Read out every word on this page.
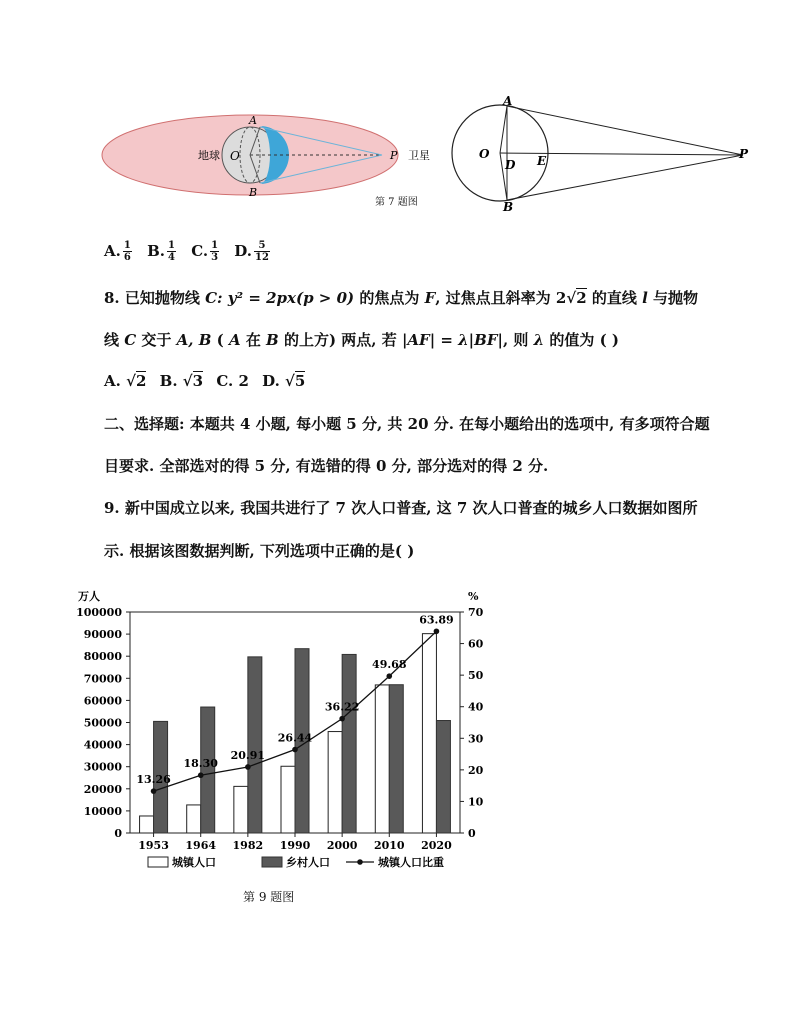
地球 O
A
B
P 卫星
第 7 题图
A
B
O
D E	P
A. $\frac{1}{6} B$. $\frac{1}{4} C$. $\frac{1}{3} D$. $\frac{5}{12}$
8. 已知抛物线 C: y² = 2px(p > 0) 的焦点为 F, 过焦点且斜率为 2√2 的直线 l 与抛物
线 C 交于 A, B ( A 在 B 的上方) 两点, 若 |AF| = λ|BF|, 则 λ 的值为 ( )
A. √2 B. √3 C. 2 D. √5
二、选择题: 本题共 4 小题, 每小题 5 分, 共 20 分. 在每小题给出的选项中, 有多项符合题
目要求. 全部选对的得 5 分, 有选错的得 0 分, 部分选对的得 2 分.
9. 新中国成立以来, 我国共进行了 7 次人口普查, 这 7 次人口普查的城乡人口数据如图所
示. 根据该图数据判断, 下列选项中正确的是( )
100000
90000
80000
70000
60000
50000
40000
30000
20000
10000
0
万人
70
60
50
40
30
20
10
0
%
1953 1964 1982 1990 2000 2010 2020
13.26
18.30
20.91
26.44
36.22
49.68
63.89
城镇人口	乡村人口	城镇人口比重
第 9 题图
